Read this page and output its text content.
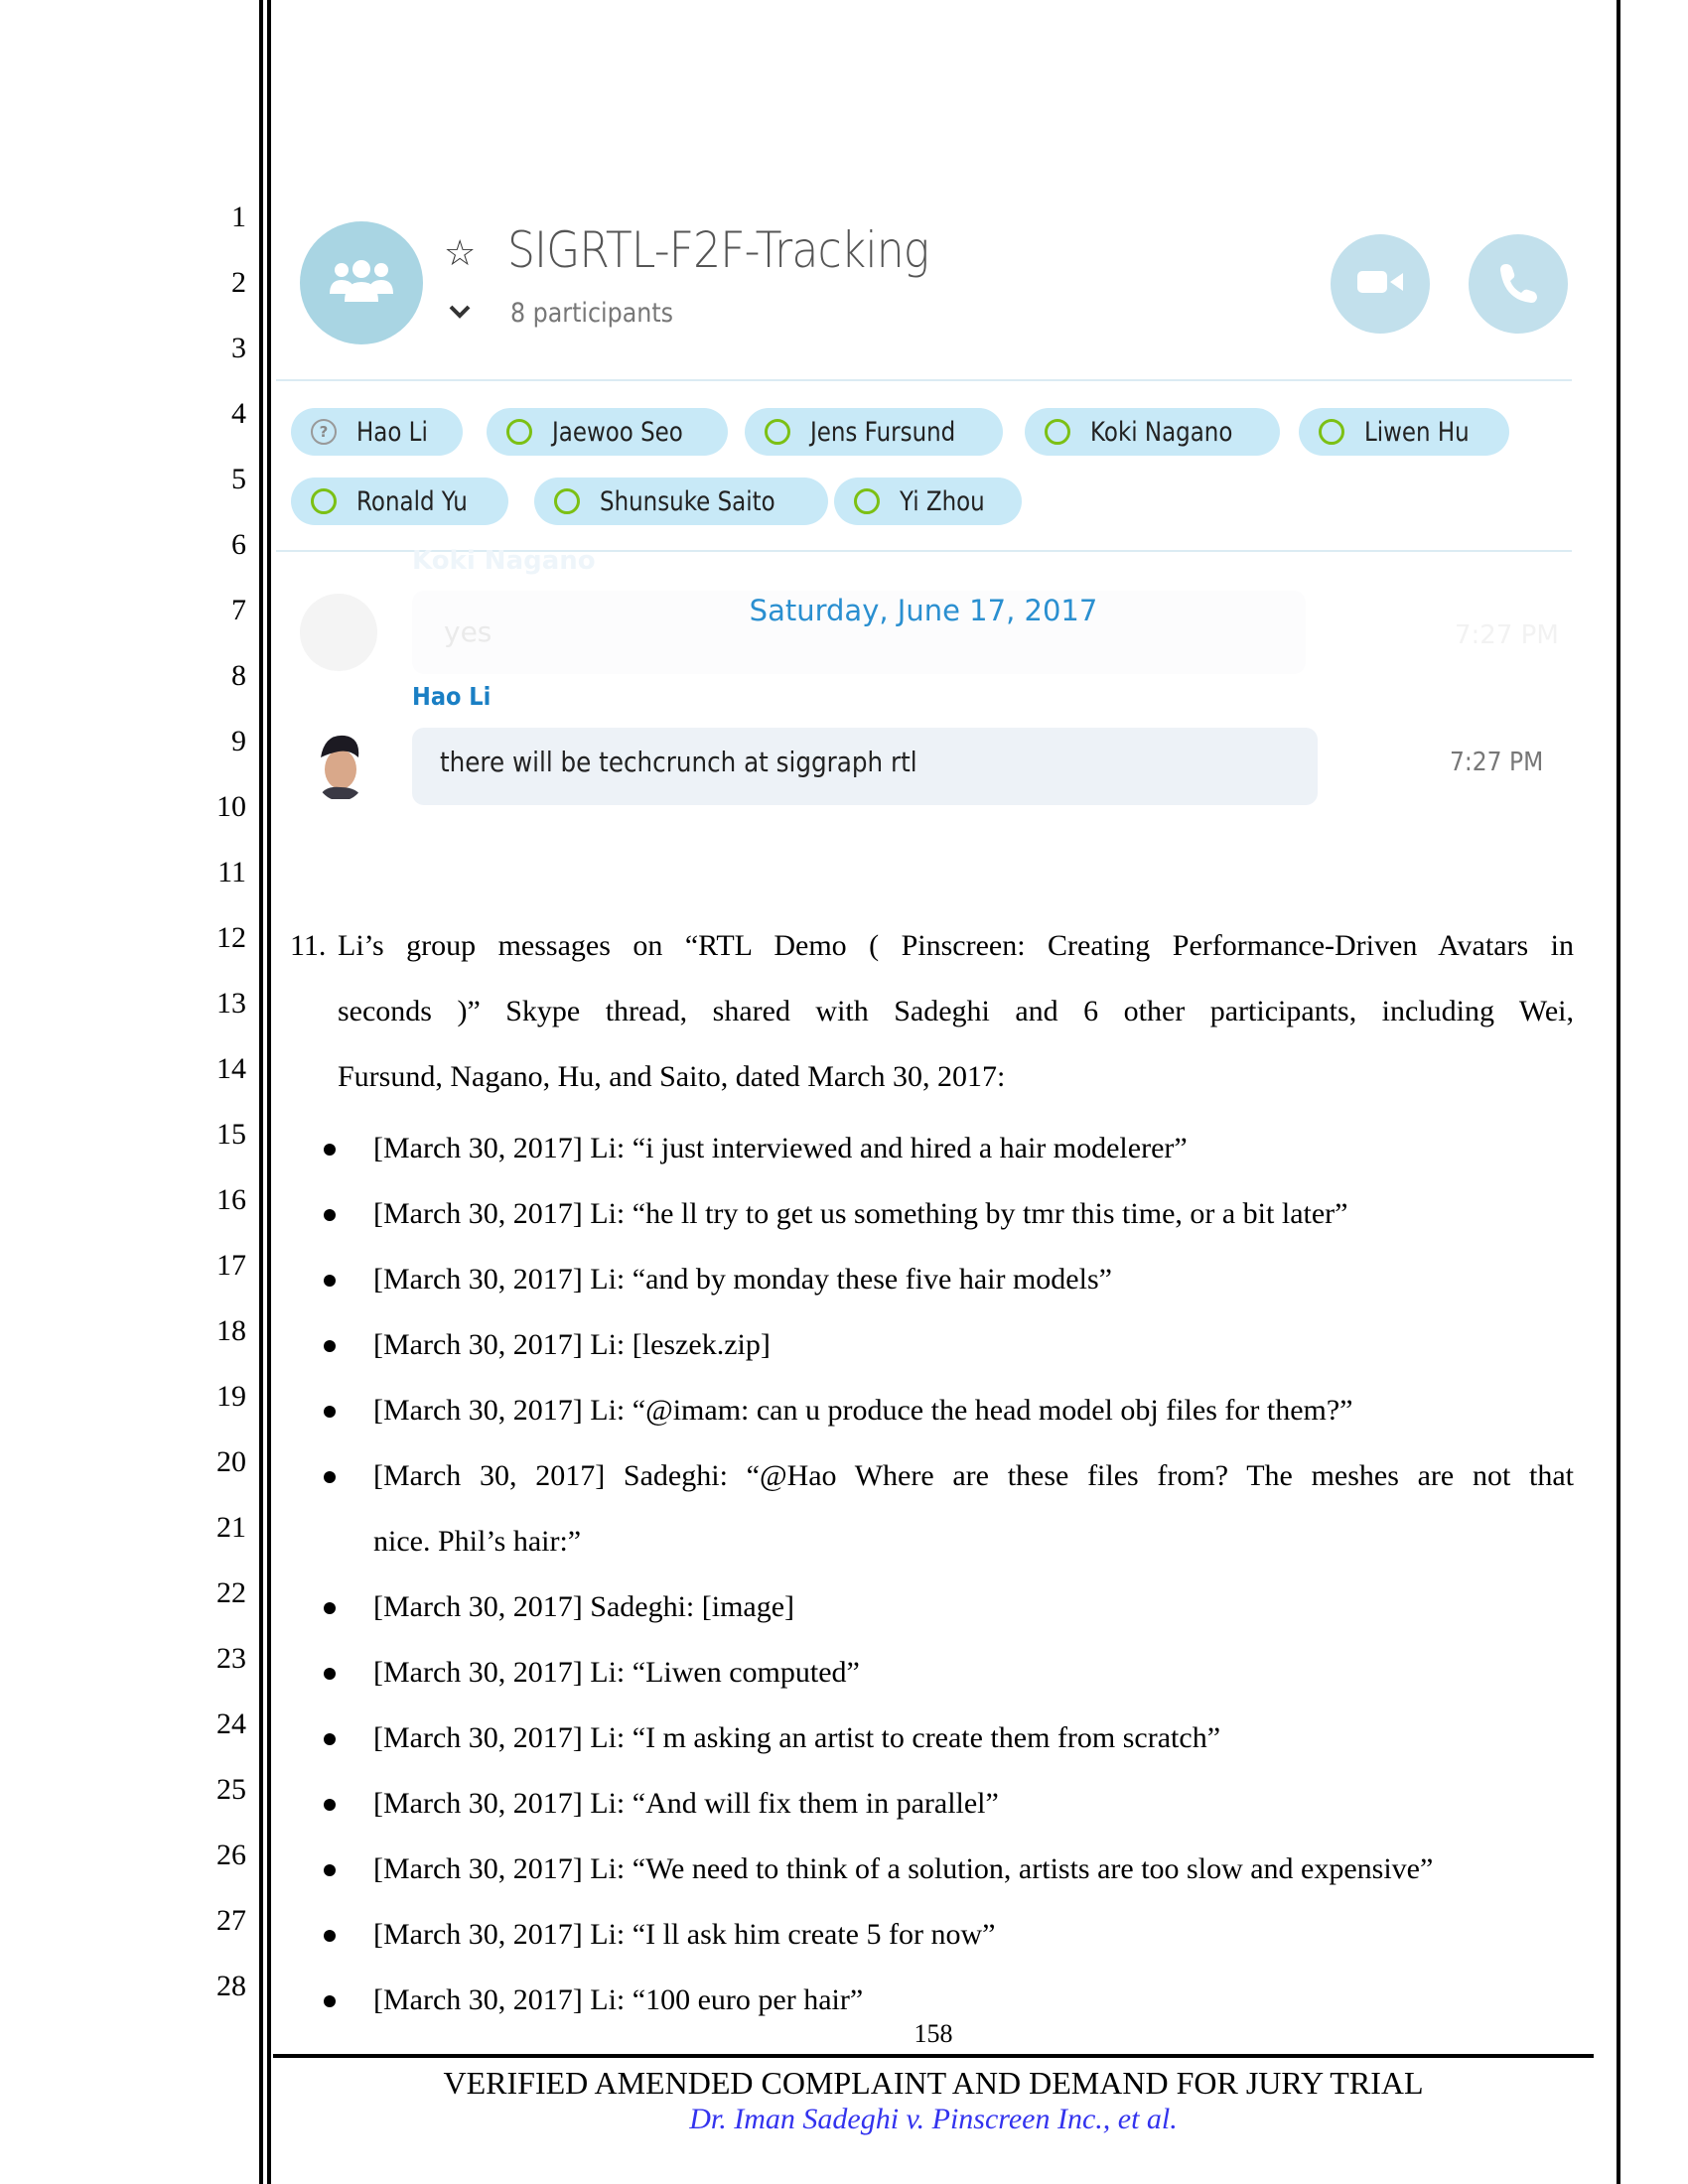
1
2
3
4
5
6
7
8
9
10
11
12
13
14
15
16
17
18
19
20
21
22
23
24
25
26
27
28
☆ SIGRTL-F2F-Tracking
8 participants
?	Hao Li	Jaewoo Seo	Jens Fursund	Koki Nagano	Liwen Hu
Ronald Yu	Shunsuke Saito	Yi Zhou
Koki Nagano
yes	7:27 PM
Saturday, June 17, 2017
Hao Li
there will be techcrunch at siggraph rtl	7:27 PM
11. Li’s group messages on “RTL Demo ( Pinscreen: Creating Performance-Driven Avatars in
seconds )” Skype thread, shared with Sadeghi and 6 other participants, including Wei,
Fursund, Nagano, Hu, and Saito, dated March 30, 2017:
[March 30, 2017] Li: “i just interviewed and hired a hair modelerer”
[March 30, 2017] Li: “he ll try to get us something by tmr this time, or a bit later”
[March 30, 2017] Li: “and by monday these five hair models”
[March 30, 2017] Li: [leszek.zip]
[March 30, 2017] Li: “@imam: can u produce the head model obj files for them?”
[March 30, 2017] Sadeghi: “@Hao Where are these files from? The meshes are not that
nice. Phil’s hair:”
[March 30, 2017] Sadeghi: [image]
[March 30, 2017] Li: “Liwen computed”
[March 30, 2017] Li: “I m asking an artist to create them from scratch”
[March 30, 2017] Li: “And will fix them in parallel”
[March 30, 2017] Li: “We need to think of a solution, artists are too slow and expensive”
[March 30, 2017] Li: “I ll ask him create 5 for now”
[March 30, 2017] Li: “100 euro per hair”
158
VERIFIED AMENDED COMPLAINT AND DEMAND FOR JURY TRIAL
Dr. Iman Sadeghi v. Pinscreen Inc., et al.
